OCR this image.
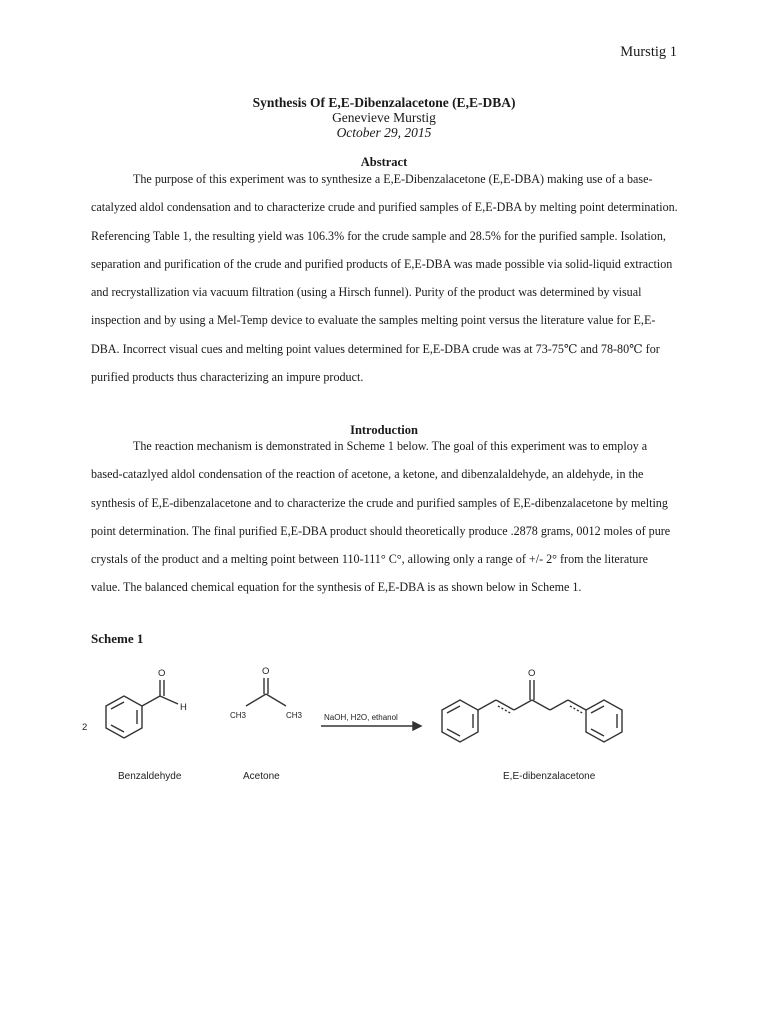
Murstig 1
Synthesis Of E,E-Dibenzalacetone (E,E-DBA)
Genevieve Murstig
October 29, 2015
Abstract
The purpose of this experiment was to synthesize a E,E-Dibenzalacetone (E,E-DBA) making use of a base-catalyzed aldol condensation and to characterize crude and purified samples of E,E-DBA by melting point determination. Referencing Table 1, the resulting yield was 106.3% for the crude sample and 28.5% for the purified sample. Isolation, separation and purification of the crude and purified products of E,E-DBA was made possible via solid-liquid extraction and recrystallization via vacuum filtration (using a Hirsch funnel). Purity of the product was determined by visual inspection and by using a Mel-Temp device to evaluate the samples melting point versus the literature value for E,E-DBA. Incorrect visual cues and melting point values determined for E,E-DBA crude was at 73-75℃ and 78-80℃ for purified products thus characterizing an impure product.
Introduction
The reaction mechanism is demonstrated in Scheme 1 below. The goal of this experiment was to employ a based-catazlyed aldol condensation of the reaction of acetone, a ketone, and dibenzalaldehyde, an aldehyde, in the synthesis of E,E-dibenzalacetone and to characterize the crude and purified samples of E,E-dibenzalacetone by melting point determination. The final purified E,E-DBA product should theoretically produce .2878 grams, 0012 moles of pure crystals of the product and a melting point between 110-111° C°, allowing only a range of +/- 2° from the literature value. The balanced chemical equation for the synthesis of E,E-DBA is as shown below in Scheme 1.
Scheme 1
2
O
H
O
CH3	CH3	NaOH, H2O, ethanol
O
Benzaldehyde	Acetone	E,E-dibenzalacetone
